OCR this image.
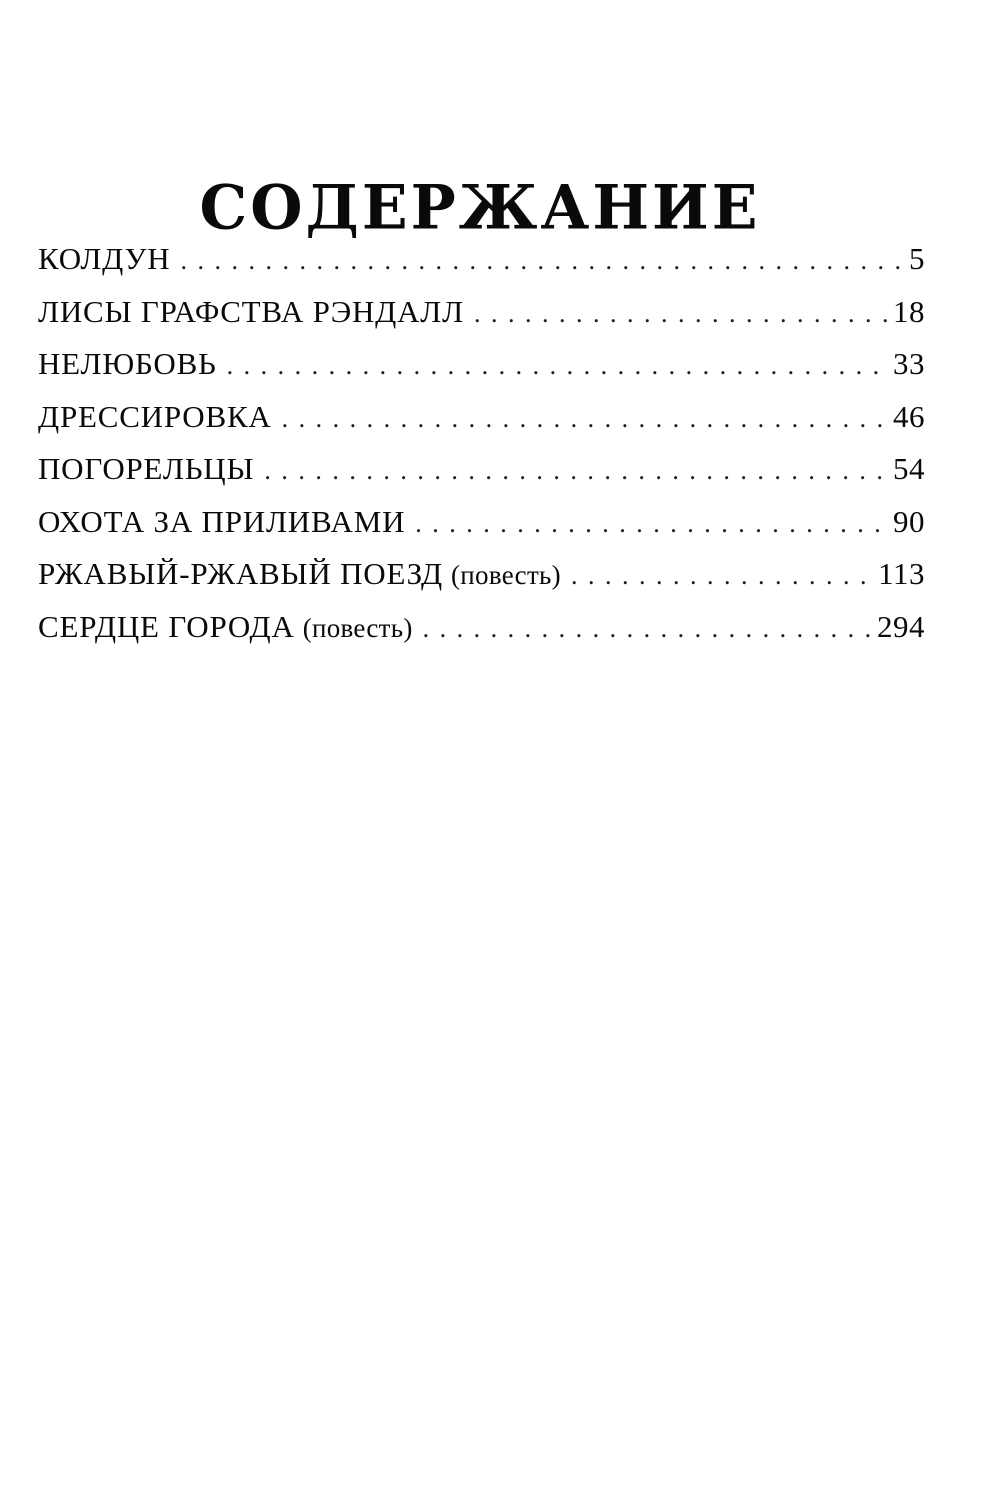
СОДЕРЖАНИЕ
КОЛДУН . . .	5
ЛИСЫ ГРАФСТВА РЭНДАЛЛ . . .	18
НЕЛЮБОВЬ . . .	33
ДРЕССИРОВКА . . .	46
ПОГОРЕЛЬЦЫ . . .	54
ОХОТА ЗА ПРИЛИВАМИ . . .	90
РЖАВЫЙ-РЖАВЫЙ ПОЕЗД (повесть) . . .	113
СЕРДЦЕ ГОРОДА (повесть) . . .	294
